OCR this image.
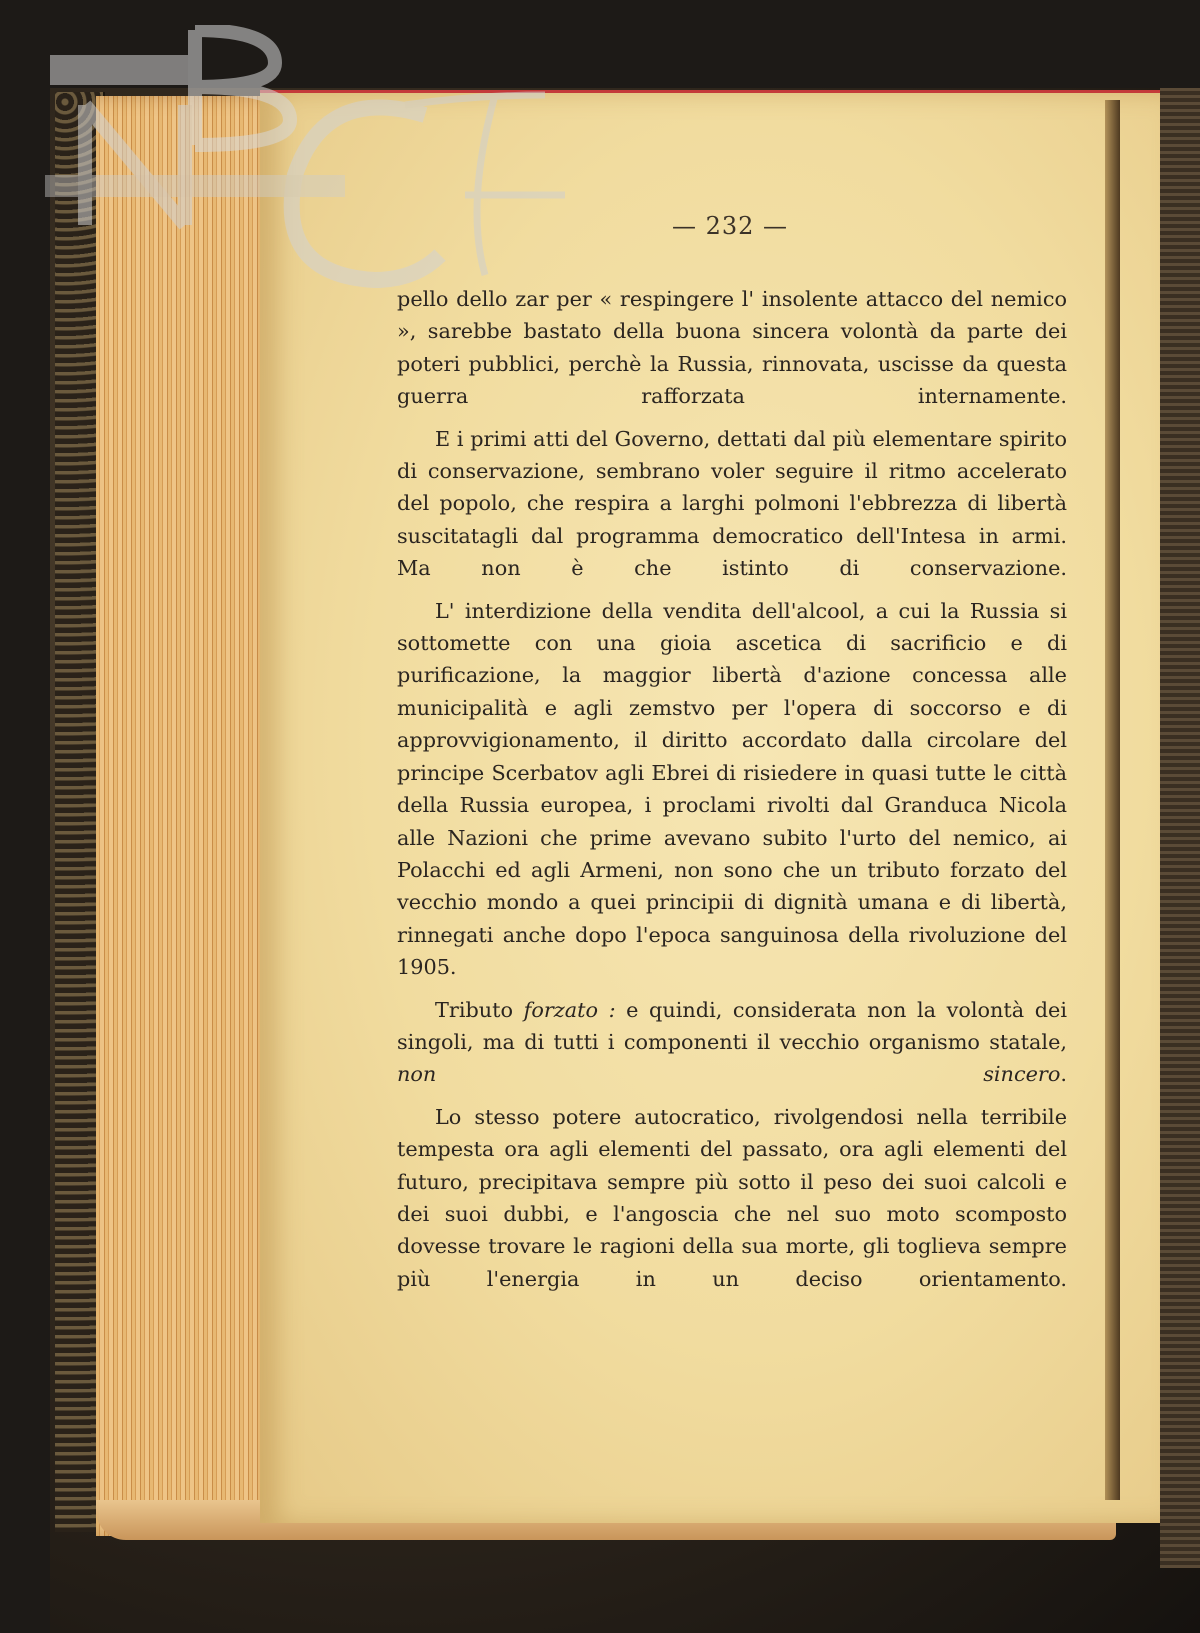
— 232 —

pello dello zar per « respingere l' insolente attacco del nemico », sarebbe bastato della buona sincera volontà da parte dei poteri pubblici, perchè la Russia, rinnovata, uscisse da questa guerra rafforzata internamente.

E i primi atti del Governo, dettati dal più elementare spirito di conservazione, sembrano voler seguire il ritmo accelerato del popolo, che respira a larghi polmoni l'ebbrezza di libertà suscitatagli dal programma democratico dell'Intesa in armi. Ma non è che istinto di conservazione.

L' interdizione della vendita dell'alcool, a cui la Russia si sottomette con una gioia ascetica di sacrificio e di purificazione, la maggior libertà d'azione concessa alle municipalità e agli zemstvo per l'opera di soccorso e di approvvigionamento, il diritto accordato dalla circolare del principe Scerbatov agli Ebrei di risiedere in quasi tutte le città della Russia europea, i proclami rivolti dal Granduca Nicola alle Nazioni che prime avevano subito l'urto del nemico, ai Polacchi ed agli Armeni, non sono che un tributo forzato del vecchio mondo a quei principii di dignità umana e di libertà, rinnegati anche dopo l'epoca sanguinosa della rivoluzione del 1905.

Tributo forzato : e quindi, considerata non la volontà dei singoli, ma di tutti i componenti il vecchio organismo statale, non sincero.

Lo stesso potere autocratico, rivolgendosi nella terribile tempesta ora agli elementi del passato, ora agli elementi del futuro, precipitava sempre più sotto il peso dei suoi calcoli e dei suoi dubbi, e l'angoscia che nel suo moto scomposto dovesse trovare le ragioni della sua morte, gli toglieva sempre più l'energia in un deciso orientamento.
